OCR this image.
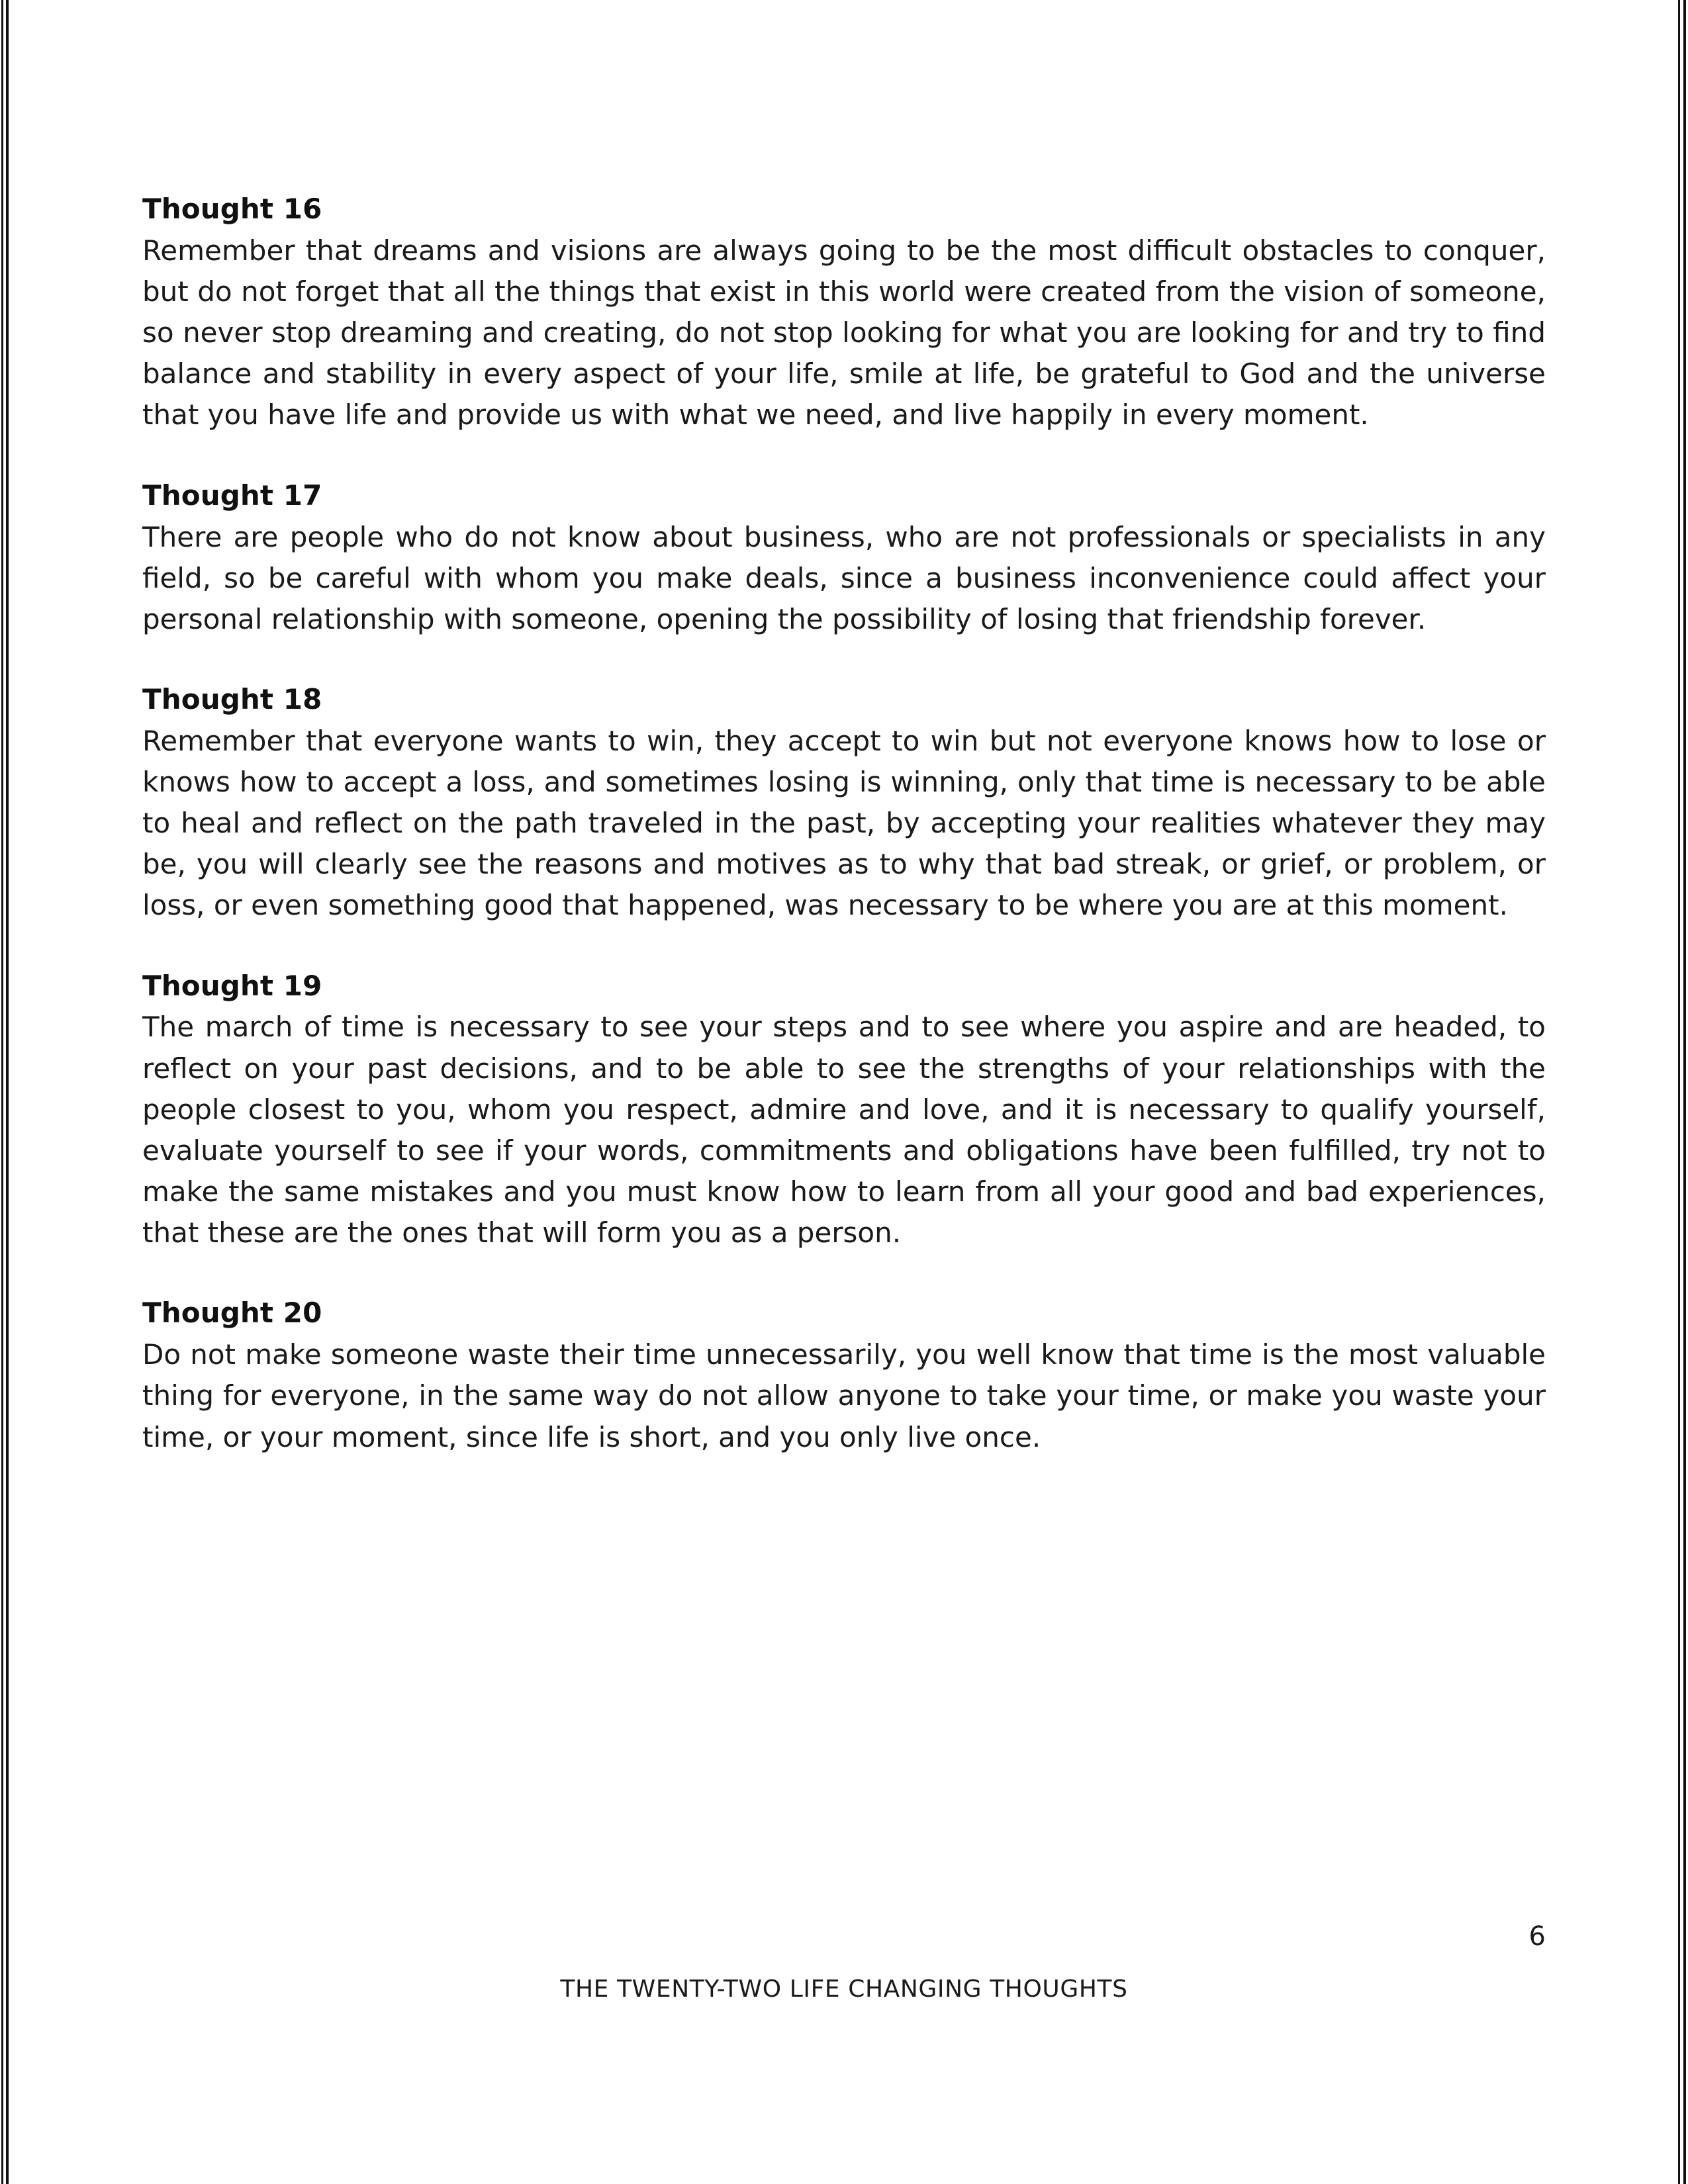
Thought 16

Remember that dreams and visions are always going to be the most difficult obstacles to conquer, but do not forget that all the things that exist in this world were created from the vision of someone, so never stop dreaming and creating, do not stop looking for what you are looking for and try to find balance and stability in every aspect of your life, smile at life, be grateful to God and the universe that you have life and provide us with what we need, and live happily in every moment.

Thought 17

There are people who do not know about business, who are not professionals or specialists in any field, so be careful with whom you make deals, since a business inconvenience could affect your personal relationship with someone, opening the possibility of losing that friendship forever.

Thought 18

Remember that everyone wants to win, they accept to win but not everyone knows how to lose or knows how to accept a loss, and sometimes losing is winning, only that time is necessary to be able to heal and reflect on the path traveled in the past, by accepting your realities whatever they may be, you will clearly see the reasons and motives as to why that bad streak, or grief, or problem, or loss, or even something good that happened, was necessary to be where you are at this moment.

Thought 19

The march of time is necessary to see your steps and to see where you aspire and are headed, to reflect on your past decisions, and to be able to see the strengths of your relationships with the people closest to you, whom you respect, admire and love, and it is necessary to qualify yourself, evaluate yourself to see if your words, commitments and obligations have been fulfilled, try not to make the same mistakes and you must know how to learn from all your good and bad experiences, that these are the ones that will form you as a person.

Thought 20

Do not make someone waste their time unnecessarily, you well know that time is the most valuable thing for everyone, in the same way do not allow anyone to take your time, or make you waste your time, or your moment, since life is short, and you only live once.

6
THE TWENTY-TWO LIFE CHANGING THOUGHTS
